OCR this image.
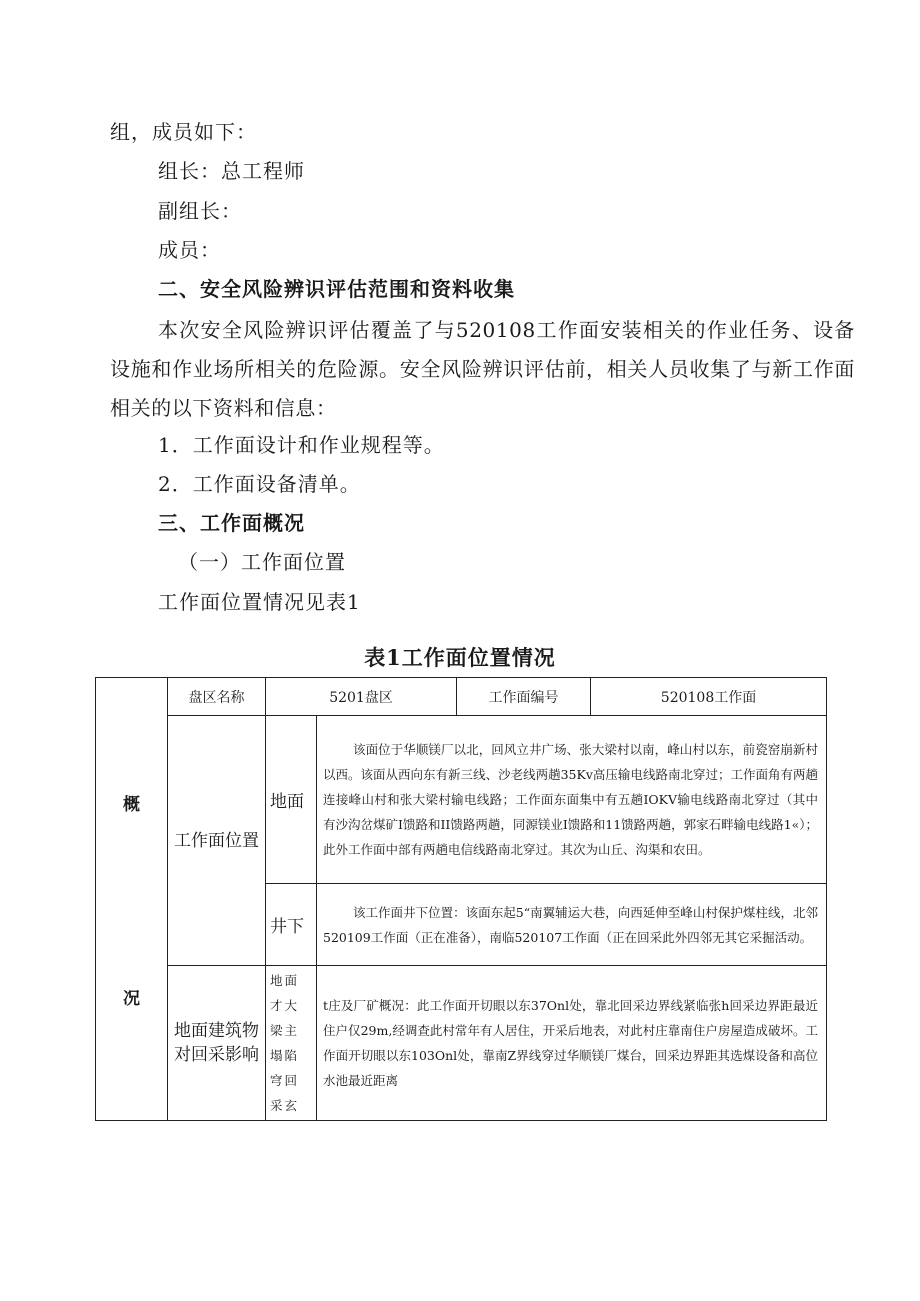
组，成员如下：
组长：总工程师
副组长：
成员：
二、安全风险辨识评估范围和资料收集
本次安全风险辨识评估覆盖了与520108工作面安装相关的作业任务、设备设施和作业场所相关的危险源。安全风险辨识评估前，相关人员收集了与新工作面相关的以下资料和信息：
1．工作面设计和作业规程等。
2．工作面设备清单。
三、工作面概况
（一）工作面位置
工作面位置情况见表1
表1工作面位置情况
概
况	盘区名称	5201盘区		工作面编号	520108工作面
	工作面位置	地面	该面位于华顺镁厂以北，回风立井广场、张大梁村以南，峰山村以东，前瓷窑崩新村以西。该面从西向东有新三线、沙老线两趟35Kv高压输电线路南北穿过；工作面角有两趟连接峰山村和张大梁村输电线路；工作面东面集中有五趟IOKV输电线路南北穿过（其中有沙沟岔煤矿I馈路和II馈路两趟，同源镁业I馈路和11馈路两趟，郭家石畔输电线路1«）；此外工作面中部有两趟电信线路南北穿过。其次为山丘、沟渠和农田。		
		井下	该工作面井下位置：该面东起5“南翼辅运大巷，向西延伸至峰山村保护煤柱线，北邻520109工作面（正在准备），南临520107工作面（正在回采此外四邻无其它采掘活动。		
	地面建筑物对回采影响	地面才大梁主塌陷穹回采玄	t庄及厂矿概况：此工作面开切眼以东37Onl处，靠北回采边界线紧临张h回采边界距最近住户仅29m,经调查此村常年有人居住，开采后地表，对此村庄靠南住户房屋造成破坏。工作面开切眼以东103Onl处，靠南Z界线穿过华顺镁厂煤台，回采边界距其选煤设备和高位水池最近距离		
